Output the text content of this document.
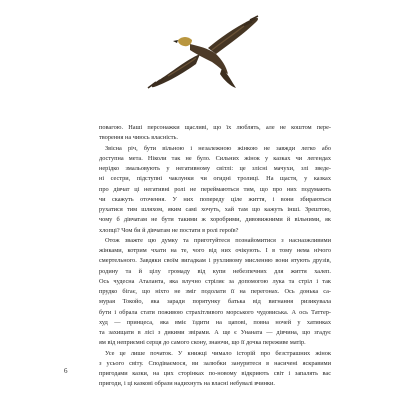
повагою. Наші персонажки щасливі, що їх люблять, але не коштом пере-
творення на чиюсь власність.
Звісна річ, бути вільною і незалежною жінкою не завжди легко або
доступна мета. Ніколи так не було. Сильних жінок у казках чи легендах
нерідко змальовують у негативному світлі: це злісні мачухи, злі зведе-
ні сестри, підступні чаклунки чи огидні тролиці. На щастя, у казках
про дівчат ці негативні ролі не переймаються тим, що про них подумають
чи скажуть оточення. У них попереду ціле життя, і вони збираються
рухатися тим шляхом, яким самі хочуть, хай там що кажуть інші. Зрештою,
чому б дівчатам не бути такими ж хоробрими, дивовижними й вільними, як
хлопці? Чом би й дівчатам не постати в ролі героїв?
Отож зважте цю думку та приготуйтеся познайомитися з насназжливими
жінками, котрим чхати на те, чого від них очікують. І в тому нема нічого
смертельного. Завдяки своїм вигадкам і рухливому мисленню вони ятують друзів,
родину та й цілу громаду від купи небезпечних для життя халеп.
Ось чудесна Аталанта, яка влучно стріляє за допомогою лука та стріл і так
прудко бігає, що ніхто не зміг подолати її на перегонах. Ось донька са-
мурая Токойо, яка заради порятунку батька від вигнання ризикувала
бути і обрала стати поживою страхітливого морського чудовиська. А ось Таттер-
худ — принцеса, яка вміє їздити на цапові, повна ночей у хатинках
та захищати в лісі з дикими звірами. А ще є Унаната — дівчина, що згадує
ям від неприємні серця до самого скону, знаючи, що її дочка переживе матір.
Усе це лише початок. У книжці чимало історій про безстрашних жінок
з усього світу. Сподіваємося, ви залюбки зануритеся в насичені яскравими
пригодами казки, на цих сторінках по-новому відкриють світ і запалять вас
пригоди, і ці казкові образи надихнуть на власні небувалі вчинки.
6
